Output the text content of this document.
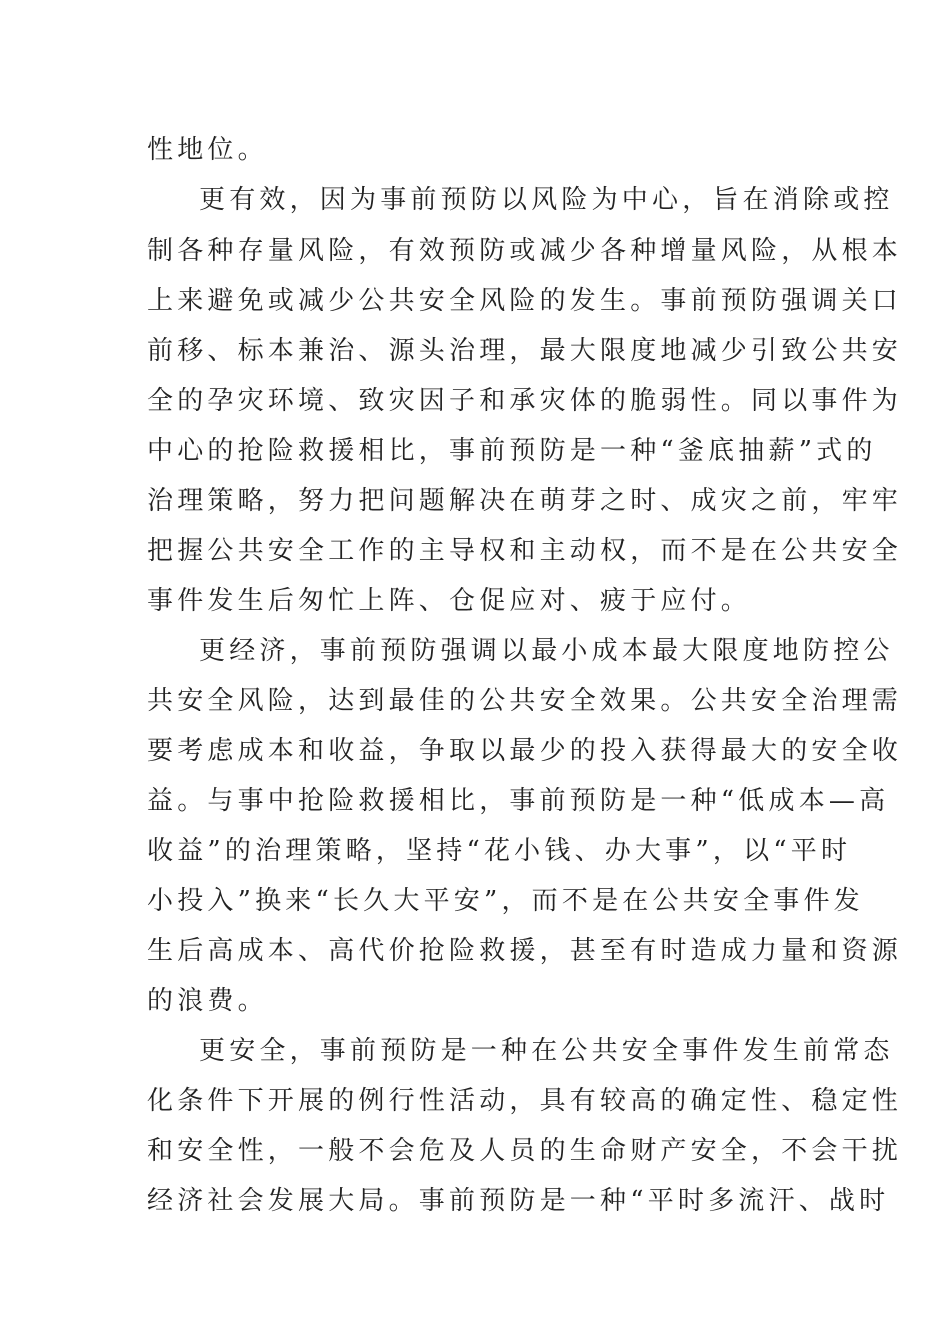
性地位。
更有效，因为事前预防以风险为中心，旨在消除或控
制各种存量风险，有效预防或减少各种增量风险，从根本
上来避免或减少公共安全风险的发生。事前预防强调关口
前移、标本兼治、源头治理，最大限度地减少引致公共安
全的孕灾环境、致灾因子和承灾体的脆弱性。同以事件为
中心的抢险救援相比，事前预防是一种“釜底抽薪”式的
治理策略，努力把问题解决在萌芽之时、成灾之前，牢牢
把握公共安全工作的主导权和主动权，而不是在公共安全
事件发生后匆忙上阵、仓促应对、疲于应付。
更经济，事前预防强调以最小成本最大限度地防控公
共安全风险，达到最佳的公共安全效果。公共安全治理需
要考虑成本和收益，争取以最少的投入获得最大的安全收
益。与事中抢险救援相比，事前预防是一种“低成本—高
收益”的治理策略，坚持“花小钱、办大事”，以“平时
小投入”换来“长久大平安”，而不是在公共安全事件发
生后高成本、高代价抢险救援，甚至有时造成力量和资源
的浪费。
更安全，事前预防是一种在公共安全事件发生前常态
化条件下开展的例行性活动，具有较高的确定性、稳定性
和安全性，一般不会危及人员的生命财产安全，不会干扰
经济社会发展大局。事前预防是一种“平时多流汗、战时
